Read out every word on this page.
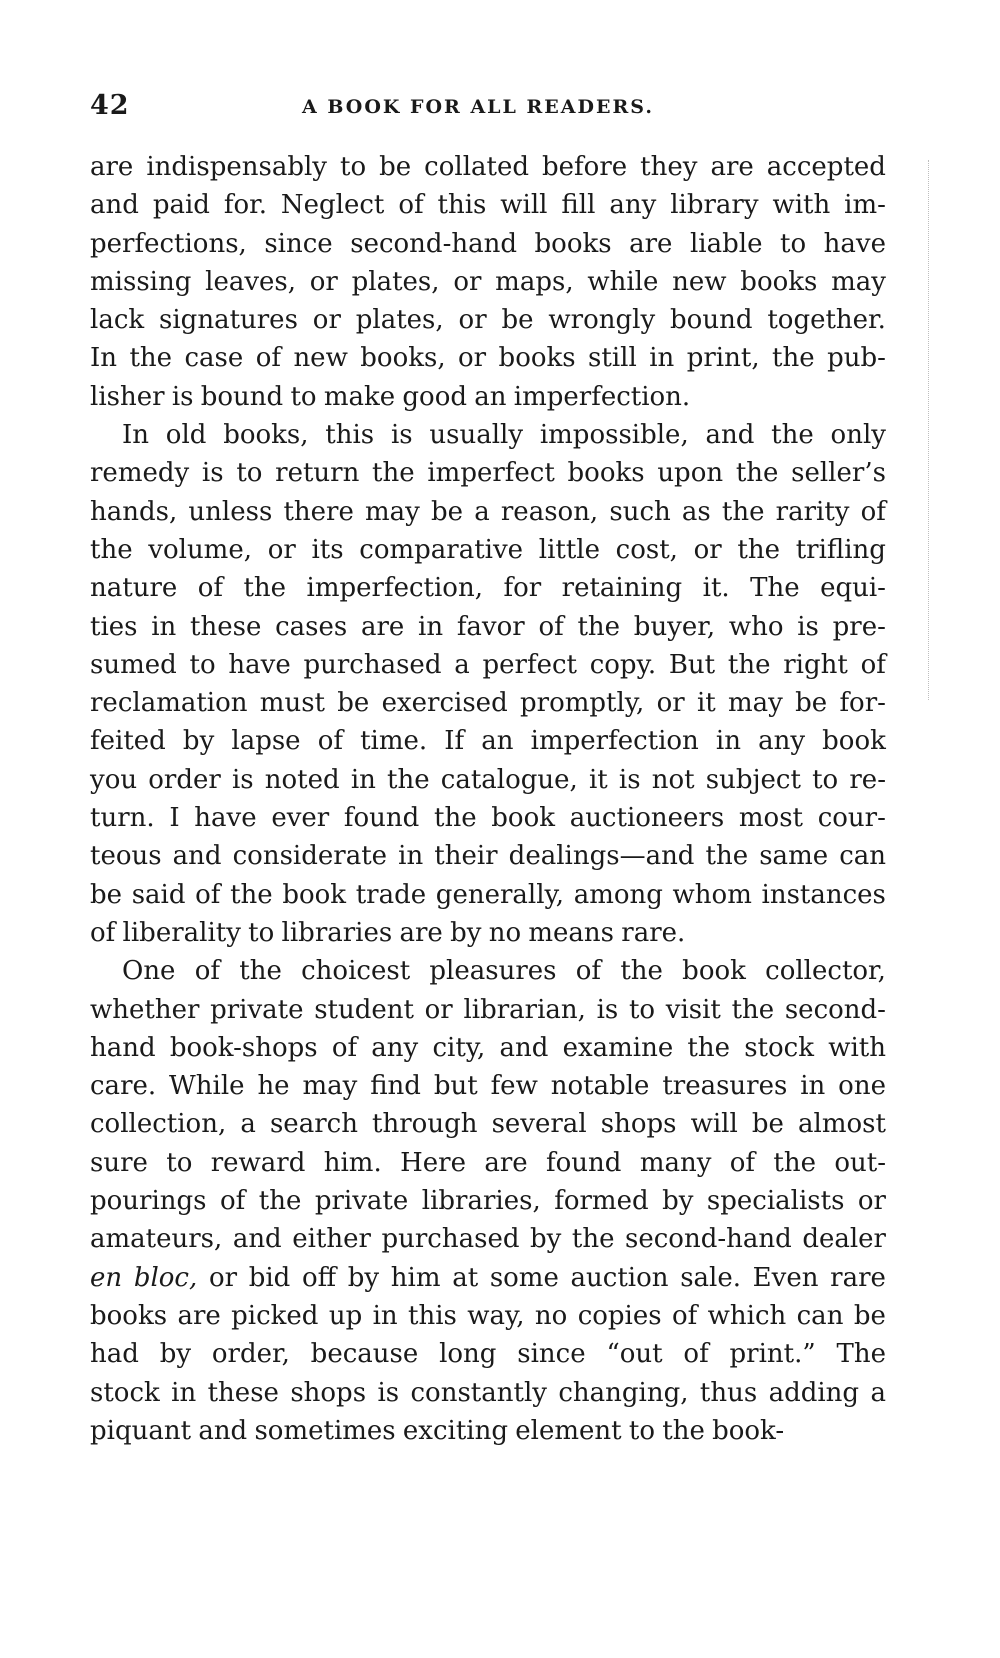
42	A BOOK FOR ALL READERS.
are indispensably to be collated before they are accepted
and paid for. Neglect of this will fill any library with im-
perfections, since second-hand books are liable to have
missing leaves, or plates, or maps, while new books may
lack signatures or plates, or be wrongly bound together.
In the case of new books, or books still in print, the pub-
lisher is bound to make good an imperfection.
In old books, this is usually impossible, and the only
remedy is to return the imperfect books upon the seller’s
hands, unless there may be a reason, such as the rarity of
the volume, or its comparative little cost, or the trifling
nature of the imperfection, for retaining it. The equi-
ties in these cases are in favor of the buyer, who is pre-
sumed to have purchased a perfect copy. But the right of
reclamation must be exercised promptly, or it may be for-
feited by lapse of time. If an imperfection in any book
you order is noted in the catalogue, it is not subject to re-
turn. I have ever found the book auctioneers most cour-
teous and considerate in their dealings—and the same can
be said of the book trade generally, among whom instances
of liberality to libraries are by no means rare.
One of the choicest pleasures of the book collector,
whether private student or librarian, is to visit the second-
hand book-shops of any city, and examine the stock with
care. While he may find but few notable treasures in one
collection, a search through several shops will be almost
sure to reward him. Here are found many of the out-
pourings of the private libraries, formed by specialists or
amateurs, and either purchased by the second-hand dealer
en bloc, or bid off by him at some auction sale. Even rare
books are picked up in this way, no copies of which can be
had by order, because long since “out of print.” The
stock in these shops is constantly changing, thus adding a
piquant and sometimes exciting element to the book-
